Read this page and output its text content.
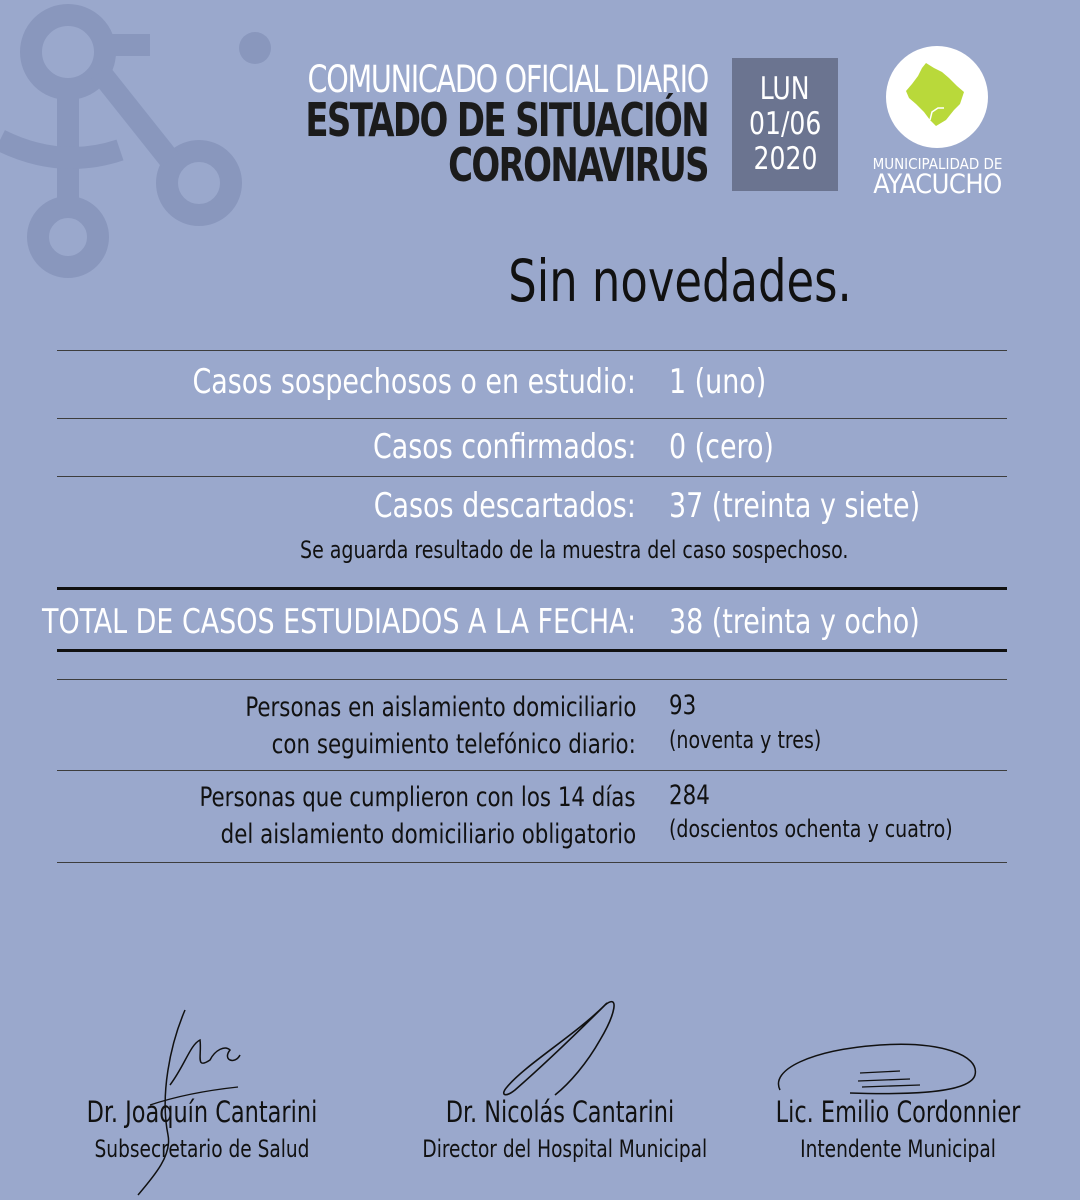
COMUNICADO OFICIAL DIARIO
ESTADO DE SITUACIÓN
CORONAVIRUS
LUN
01/06
2020	MUNICIPALIDAD DE
AYACUCHO
Sin novedades.
Casos sospechosos o en estudio: 1 (uno)
Casos confirmados: 0 (cero)
Casos descartados: 37 (treinta y siete)
Se aguarda resultado de la muestra del caso sospechoso.
TOTAL DE CASOS ESTUDIADOS A LA FECHA: 38 (treinta y ocho)
Personas en aislamiento domiciliario
con seguimiento telefónico diario:
93
(noventa y tres)
Personas que cumplieron con los 14 días
del aislamiento domiciliario obligatorio
284
(doscientos ochenta y cuatro)
Dr. Joaquín Cantarini
Subsecretario de Salud
Dr. Nicolás Cantarini
Director del Hospital Municipal
Lic. Emilio Cordonnier
Intendente Municipal
